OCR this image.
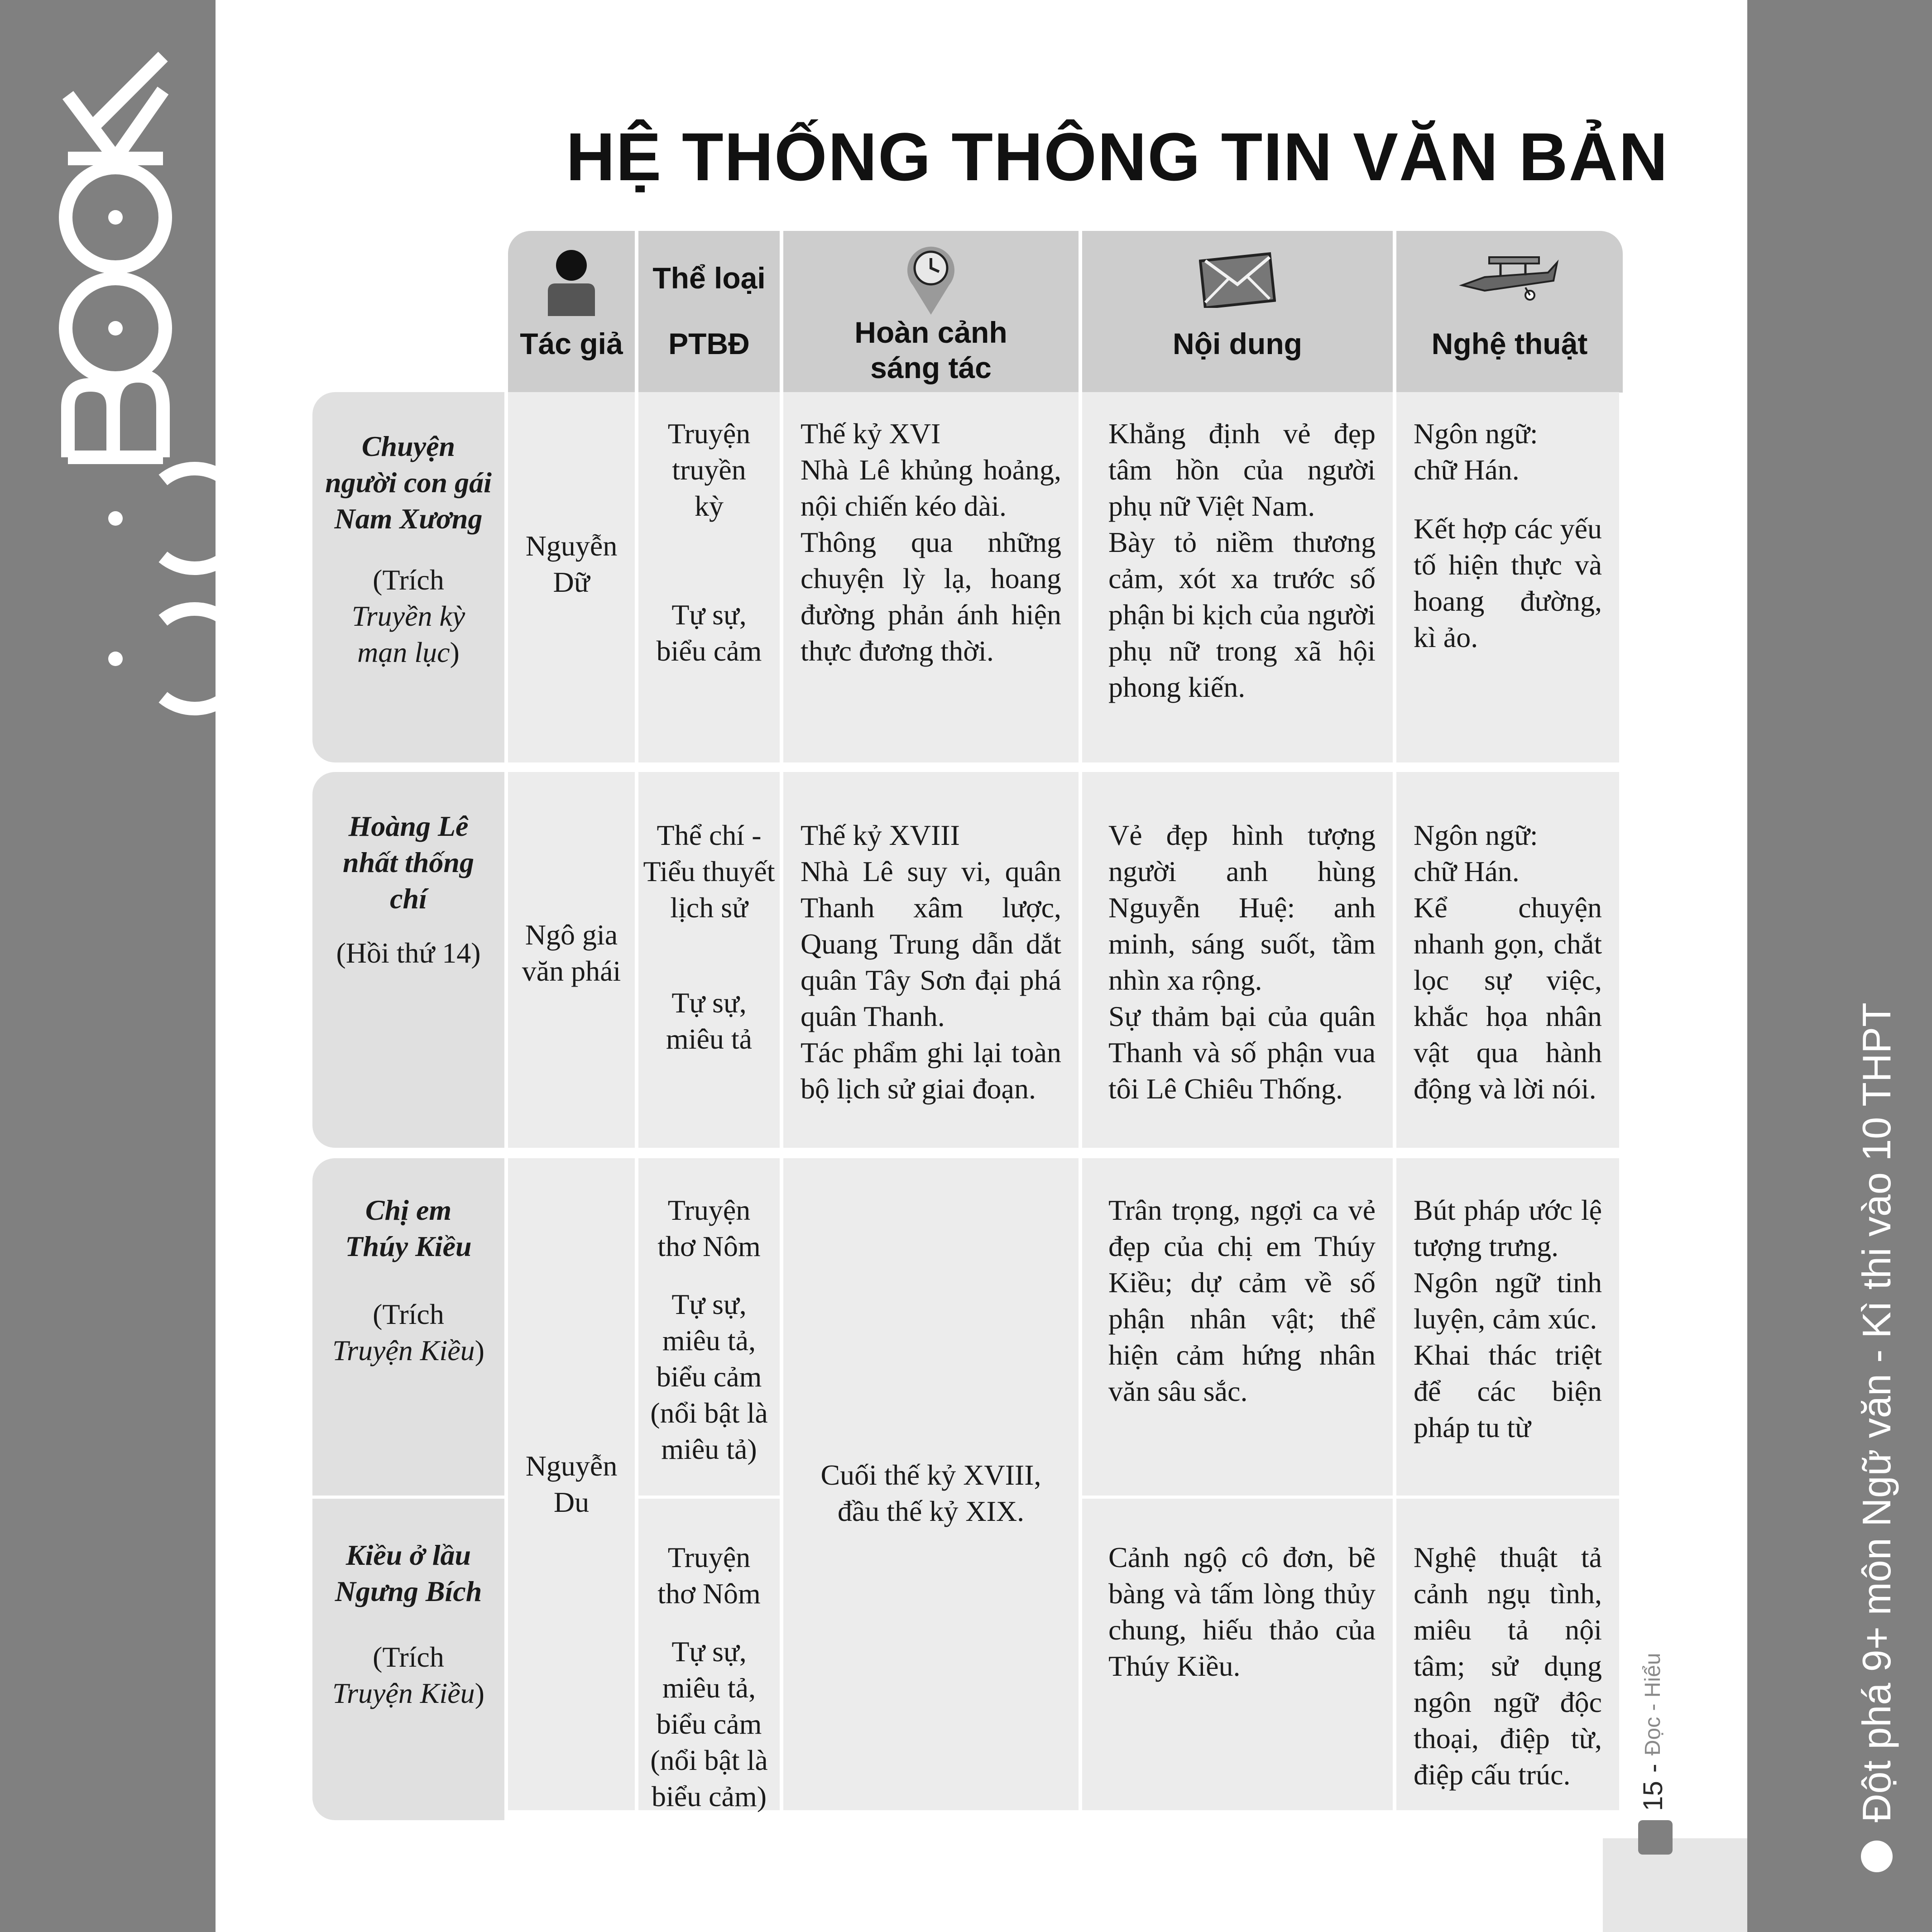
Đột phá 9+ môn Ngữ văn - Kì thi vào 10 THPT
15
-
Đọc - Hiểu
HỆ THỐNG THÔNG TIN VĂN BẢN
Tác giả
Thể loại
PTBĐ	Hoàn cảnh
sáng tác
Nội dung	Nghệ thuật
Chuyện
người con gái
Nam Xương
(Trích
Truyền kỳ
mạn lục)
Nguyễn
Dữ
Truyện
truyền
kỳ
Tự sự,
biểu cảm
Thế kỷ XVI
Nhà Lê khủng hoảng, nội chiến kéo dài.
Thông qua những chuyện lỳ lạ, hoang đường phản ánh hiện thực đương thời.
Khẳng định vẻ đẹp tâm hồn của người phụ nữ Việt Nam.
Bày tỏ niềm thương cảm, xót xa trước số phận bi kịch của người phụ nữ trong xã hội phong kiến.
Ngôn ngữ:
chữ Hán.
Kết hợp các yếu tố hiện thực và hoang đường, kì ảo.
Hoàng Lê
nhất thống
chí
(Hồi thứ 14)
Ngô gia
văn phái
Thể chí -
Tiểu thuyết
lịch sử
Tự sự,
miêu tả
Thế kỷ XVIII
Nhà Lê suy vi, quân Thanh xâm lược, Quang Trung dẫn dắt quân Tây Sơn đại phá quân Thanh.
Tác phẩm ghi lại toàn bộ lịch sử giai đoạn.
Vẻ đẹp hình tượng người anh hùng Nguyễn Huệ: anh minh, sáng suốt, tầm nhìn xa rộng.
Sự thảm bại của quân Thanh và số phận vua tôi Lê Chiêu Thống.
Ngôn ngữ:
chữ Hán.
Kể chuyện nhanh gọn, chắt lọc sự việc, khắc họa nhân vật qua hành động và lời nói.
Chị em
Thúy Kiều
(Trích
Truyện Kiều)
Kiều ở lầu
Ngưng Bích
(Trích
Truyện Kiều)
Nguyễn
Du
Truyện
thơ Nôm
Tự sự,
miêu tả,
biểu cảm
(nổi bật là
miêu tả)
Truyện
thơ Nôm
Tự sự,
miêu tả,
biểu cảm
(nổi bật là
biểu cảm)
Cuối thế kỷ XVIII,
đầu thế kỷ XIX.
Trân trọng, ngợi ca vẻ đẹp của chị em Thúy Kiều; dự cảm về số phận nhân vật; thể hiện cảm hứng nhân văn sâu sắc.
Bút pháp ước lệ tượng trưng.
Ngôn ngữ tinh luyện, cảm xúc.
Khai thác triệt để các biện pháp tu từ
Cảnh ngộ cô đơn, bẽ bàng và tấm lòng thủy chung, hiếu thảo của Thúy Kiều.
Nghệ thuật tả cảnh ngụ tình, miêu tả nội tâm; sử dụng ngôn ngữ độc thoại, điệp từ, điệp cấu trúc.
